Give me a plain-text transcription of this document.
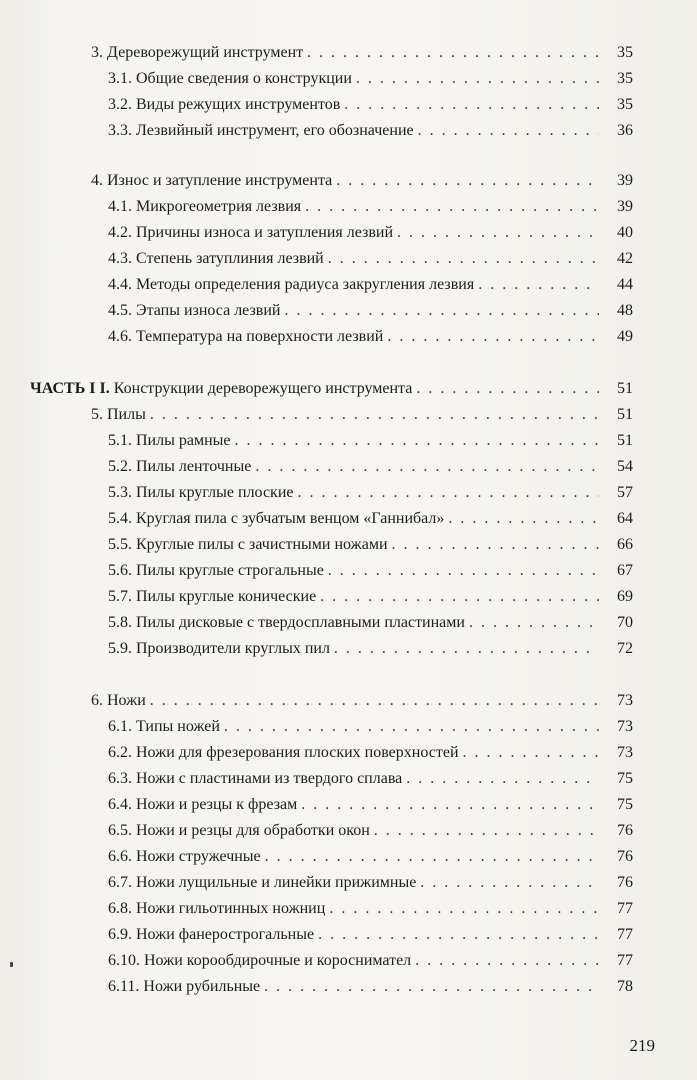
3. Дереворежущий инструмент . . .	35
3.1. Общие сведения о конструкции . . .	35
3.2. Виды режущих инструментов . . .	35
3.3. Лезвийный инструмент, его обозначение . . .	36
4. Износ и затупление инструмента . . .	39
4.1. Микрогеометрия лезвия . . .	39
4.2. Причины износа и затупления лезвий . . .	40
4.3. Степень затуплиния лезвий . . .	42
4.4. Методы определения радиуса закругления лезвия . . .	44
4.5. Этапы износа лезвий . . .	48
4.6. Температура на поверхности лезвий . . .	49
ЧАСТЬ I I. Конструкции дереворежущего инструмента . . .	51
5. Пилы . . .	51
5.1. Пилы рамные . . .	51
5.2. Пилы ленточные . . .	54
5.3. Пилы круглые плоские . . .	57
5.4. Круглая пила с зубчатым венцом «Ганнибал» . . .	64
5.5. Круглые пилы с зачистными ножами . . .	66
5.6. Пилы круглые строгальные . . .	67
5.7. Пилы круглые конические . . .	69
5.8. Пилы дисковые с твердосплавными пластинами . . .	70
5.9. Производители круглых пил . . .	72
6. Ножи . . .	73
6.1. Типы ножей . . .	73
6.2. Ножи для фрезерования плоских поверхностей . . .	73
6.3. Ножи с пластинами из твердого сплава . . .	75
6.4. Ножи и резцы к фрезам . . .	75
6.5. Ножи и резцы для обработки окон . . .	76
6.6. Ножи стружечные . . .	76
6.7. Ножи лущильные и линейки прижимные . . .	76
6.8. Ножи гильотинных ножниц . . .	77
6.9. Ножи фанерострогальные . . .	77
6.10. Ножи корообдирочные и короснимател . . .	77
6.11. Ножи рубильные . . .	78
219
